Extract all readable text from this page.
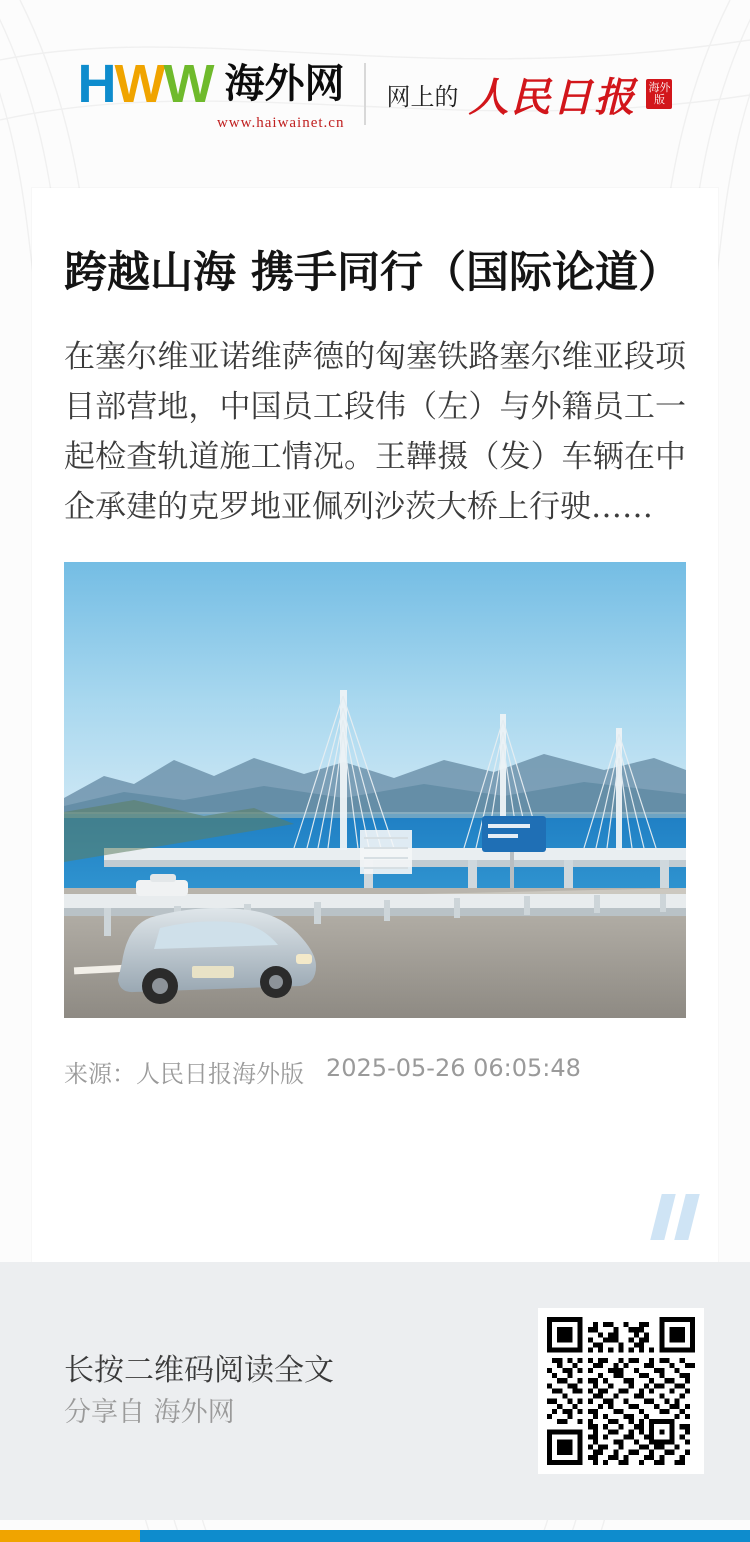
H W W 海外网
www.haiwainet.cn
网上的 人民日报 海外
版
跨越山海 携手同行（国际论道）

在塞尔维亚诺维萨德的匈塞铁路塞尔维亚段项目部营地，中国员工段伟（左）与外籍员工一起检查轨道施工情况。王韡摄（发）车辆在中企承建的克罗地亚佩列沙茨大桥上行驶……

来源：人民日报海外版 2025-05-26 06:05:48
长按二维码阅读全文
分享自 海外网
